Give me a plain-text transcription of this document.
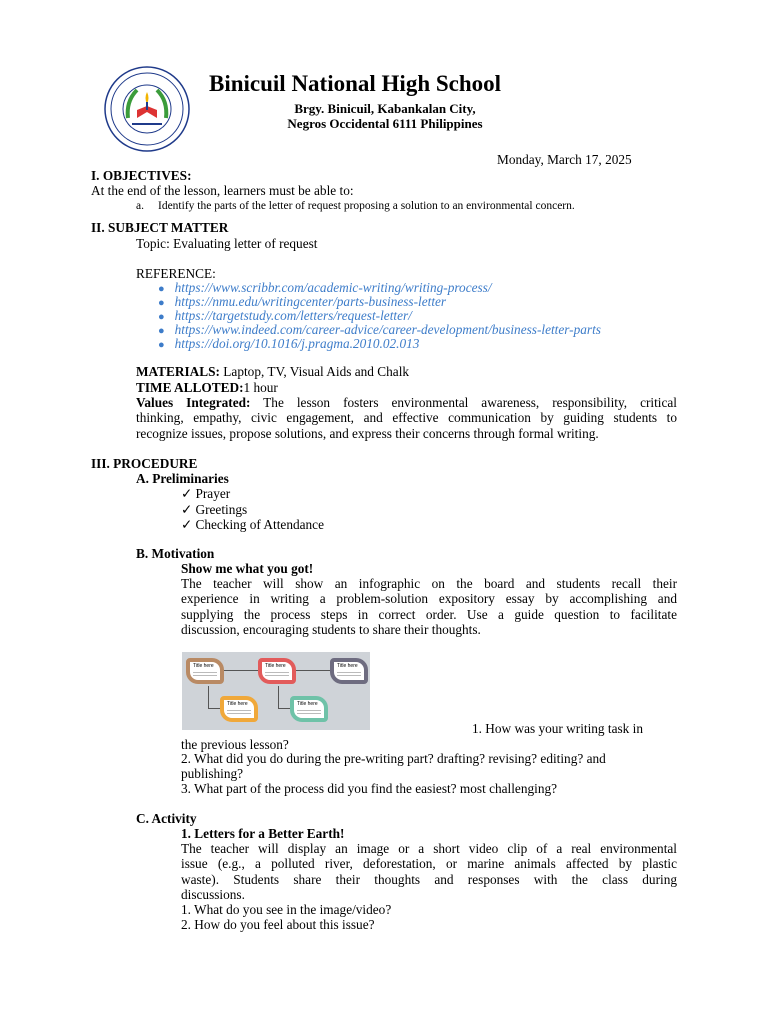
Binicuil National High School
Brgy. Binicuil, Kabankalan City,
Negros Occidental 6111 Philippines
Monday, March 17, 2025
I. OBJECTIVES:
At the end of the lesson, learners must be able to:
a. Identify the parts of the letter of request proposing a solution to an environmental concern.
II. SUBJECT MATTER
Topic: Evaluating letter of request
REFERENCE:
● https://www.scribbr.com/academic-writing/writing-process/
● https://nmu.edu/writingcenter/parts-business-letter
● https://targetstudy.com/letters/request-letter/
● https://www.indeed.com/career-advice/career-development/business-letter-parts
● https://doi.org/10.1016/j.pragma.2010.02.013
MATERIALS: Laptop, TV, Visual Aids and Chalk
TIME ALLOTED:1 hour
Values Integrated: The lesson fosters environmental awareness, responsibility, critical
thinking, empathy, civic engagement, and effective communication by guiding students to
recognize issues, propose solutions, and express their concerns through formal writing.
III. PROCEDURE
A. Preliminaries
✓ Prayer
✓ Greetings
✓ Checking of Attendance
B. Motivation
Show me what you got!
The teacher will show an infographic on the board and students recall their
experience in writing a problem-solution expository essay by accomplishing and
supplying the process steps in correct order. Use a guide question to facilitate
discussion, encouraging students to share their thoughts.
Title here	Title here	Title here
Title here	Title here
1. How was your writing task in
the previous lesson?
2. What did you do during the pre-writing part? drafting? revising? editing? and
publishing?
3. What part of the process did you find the easiest? most challenging?
C. Activity
1. Letters for a Better Earth!
The teacher will display an image or a short video clip of a real environmental
issue (e.g., a polluted river, deforestation, or marine animals affected by plastic
waste). Students share their thoughts and responses with the class during
discussions.
1. What do you see in the image/video?
2. How do you feel about this issue?
